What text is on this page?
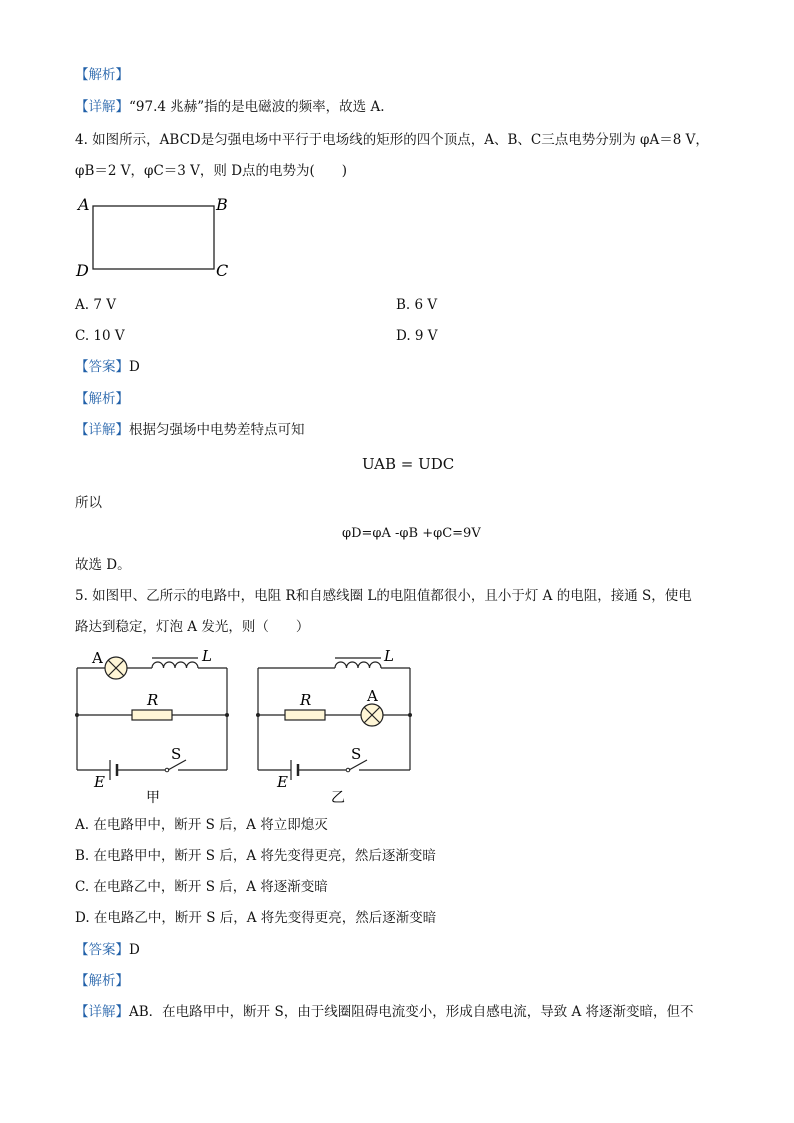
【解析】
【详解】“97.4 兆赫”指的是电磁波的频率，故选 A.
4. 如图所示，ABCD是匀强电场中平行于电场线的矩形的四个顶点，A、B、C三点电势分别为 φA＝8 V，
φB＝2 V，φC＝3 V，则 D点的电势为(　　)
A	B
C
D
A. 7 V	B. 6 V
C. 10 V	D. 9 V
【答案】D
【解析】
【详解】根据匀强场中电势差特点可知
UAB = UDC
所以
φD=φA -φB +φC=9V
故选 D。
5. 如图甲、乙所示的电路中，电阻 R和自感线圈 L的电阻值都很小，且小于灯 A 的电阻，接通 S，使电
路达到稳定，灯泡 A 发光，则（　　）
A	L
R
S
E
甲
L
R	A
S
E
乙
A. 在电路甲中，断开 S 后，A 将立即熄灭
B. 在电路甲中，断开 S 后，A 将先变得更亮，然后逐渐变暗
C. 在电路乙中，断开 S 后，A 将逐渐变暗
D. 在电路乙中，断开 S 后，A 将先变得更亮，然后逐渐变暗
【答案】D
【解析】
【详解】AB．在电路甲中，断开 S，由于线圈阻碍电流变小，形成自感电流，导致 A 将逐渐变暗，但不
